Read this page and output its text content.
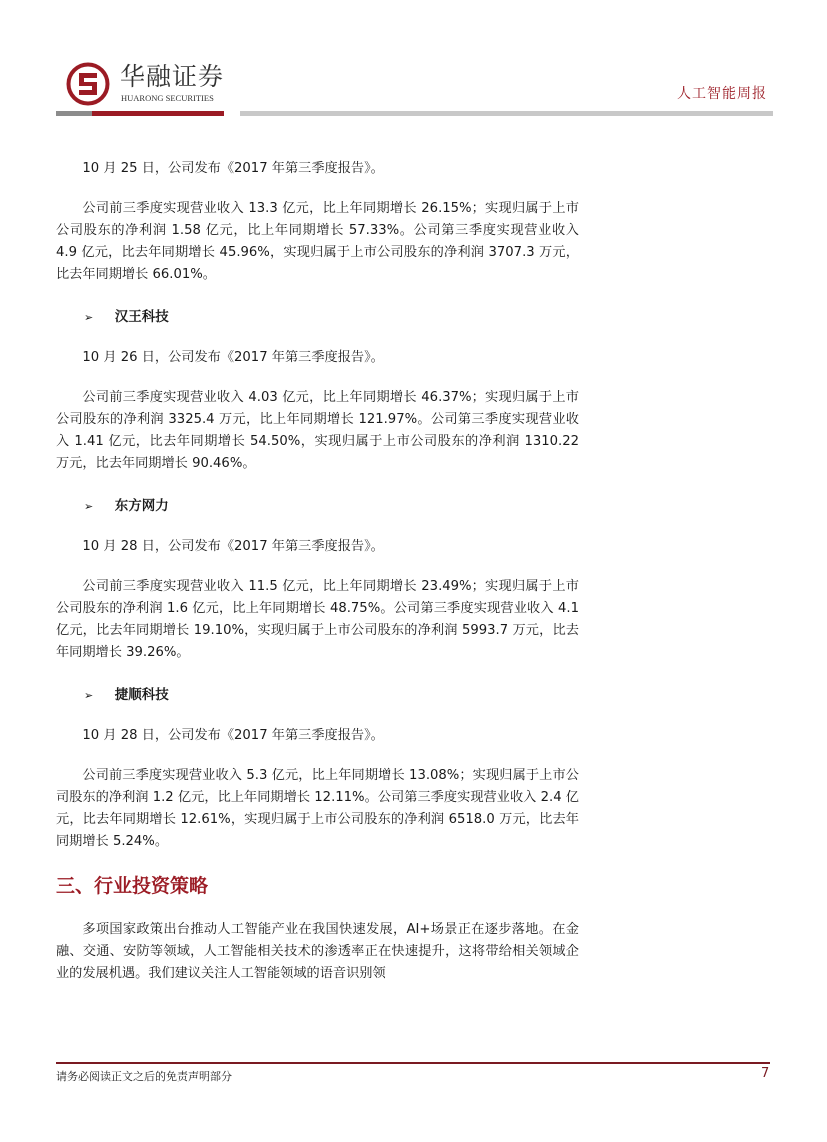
华融证券
HUARONG SECURITIES	人工智能周报

10 月 25 日，公司发布《2017 年第三季度报告》。

公司前三季度实现营业收入 13.3 亿元，比上年同期增长 26.15%；实现归属于上市公司股东的净利润 1.58 亿元，比上年同期增长 57.33%。公司第三季度实现营业收入 4.9 亿元，比去年同期增长 45.96%，实现归属于上市公司股东的净利润 3707.3 万元，比去年同期增长 66.01%。

➢ 汉王科技

10 月 26 日，公司发布《2017 年第三季度报告》。

公司前三季度实现营业收入 4.03 亿元，比上年同期增长 46.37%；实现归属于上市公司股东的净利润 3325.4 万元，比上年同期增长 121.97%。公司第三季度实现营业收入 1.41 亿元，比去年同期增长 54.50%，实现归属于上市公司股东的净利润 1310.22 万元，比去年同期增长 90.46%。

➢ 东方网力

10 月 28 日，公司发布《2017 年第三季度报告》。

公司前三季度实现营业收入 11.5 亿元，比上年同期增长 23.49%；实现归属于上市公司股东的净利润 1.6 亿元，比上年同期增长 48.75%。公司第三季度实现营业收入 4.1 亿元，比去年同期增长 19.10%，实现归属于上市公司股东的净利润 5993.7 万元，比去年同期增长 39.26%。

➢ 捷顺科技

10 月 28 日，公司发布《2017 年第三季度报告》。

公司前三季度实现营业收入 5.3 亿元，比上年同期增长 13.08%；实现归属于上市公司股东的净利润 1.2 亿元，比上年同期增长 12.11%。公司第三季度实现营业收入 2.4 亿元，比去年同期增长 12.61%，实现归属于上市公司股东的净利润 6518.0 万元，比去年同期增长 5.24%。

三、行业投资策略

多项国家政策出台推动人工智能产业在我国快速发展，AI+场景正在逐步落地。在金融、交通、安防等领域，人工智能相关技术的渗透率正在快速提升，这将带给相关领域企业的发展机遇。我们建议关注人工智能领域的语音识别领

请务必阅读正文之后的免责声明部分	7
